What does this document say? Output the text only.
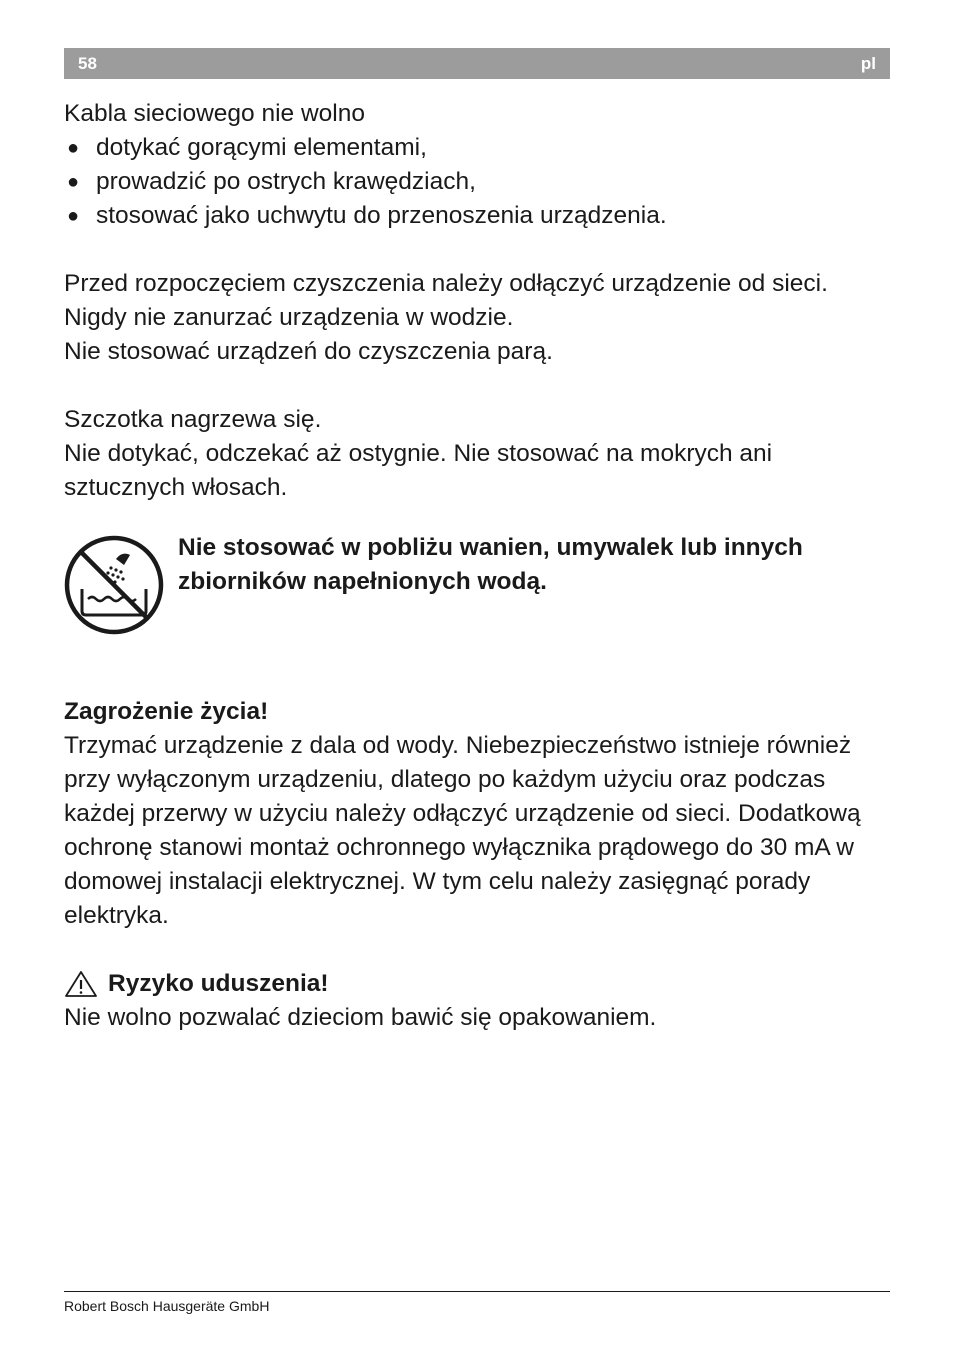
58	pl

Kabla sieciowego nie wolno

● dotykać gorącymi elementami,
● prowadzić po ostrych krawędziach,
● stosować jako uchwytu do przenoszenia urządzenia.

Przed rozpoczęciem czyszczenia należy odłączyć urządzenie od sieci.

Nigdy nie zanurzać urządzenia w wodzie.

Nie stosować urządzeń do czyszczenia parą.

Szczotka nagrzewa się.

Nie dotykać, odczekać aż ostygnie. Nie stosować na mokrych ani sztucznych włosach.

Nie stosować w pobliżu wanien, umywalek lub innych zbiorników napełnionych wodą.

Zagrożenie życia!

Trzymać urządzenie z dala od wody. Niebezpieczeństwo istnieje również przy wyłączonym urządzeniu, dlatego po każdym użyciu oraz podczas każdej przerwy w użyciu należy odłączyć urządzenie od sieci. Dodatkową ochronę stanowi montaż ochronnego wyłącznika prądowego do 30 mA w domowej instalacji elektrycznej. W tym celu należy zasięgnąć porady elektryka.

Ryzyko uduszenia!

Nie wolno pozwalać dzieciom bawić się opakowaniem.

Robert Bosch Hausgeräte GmbH
